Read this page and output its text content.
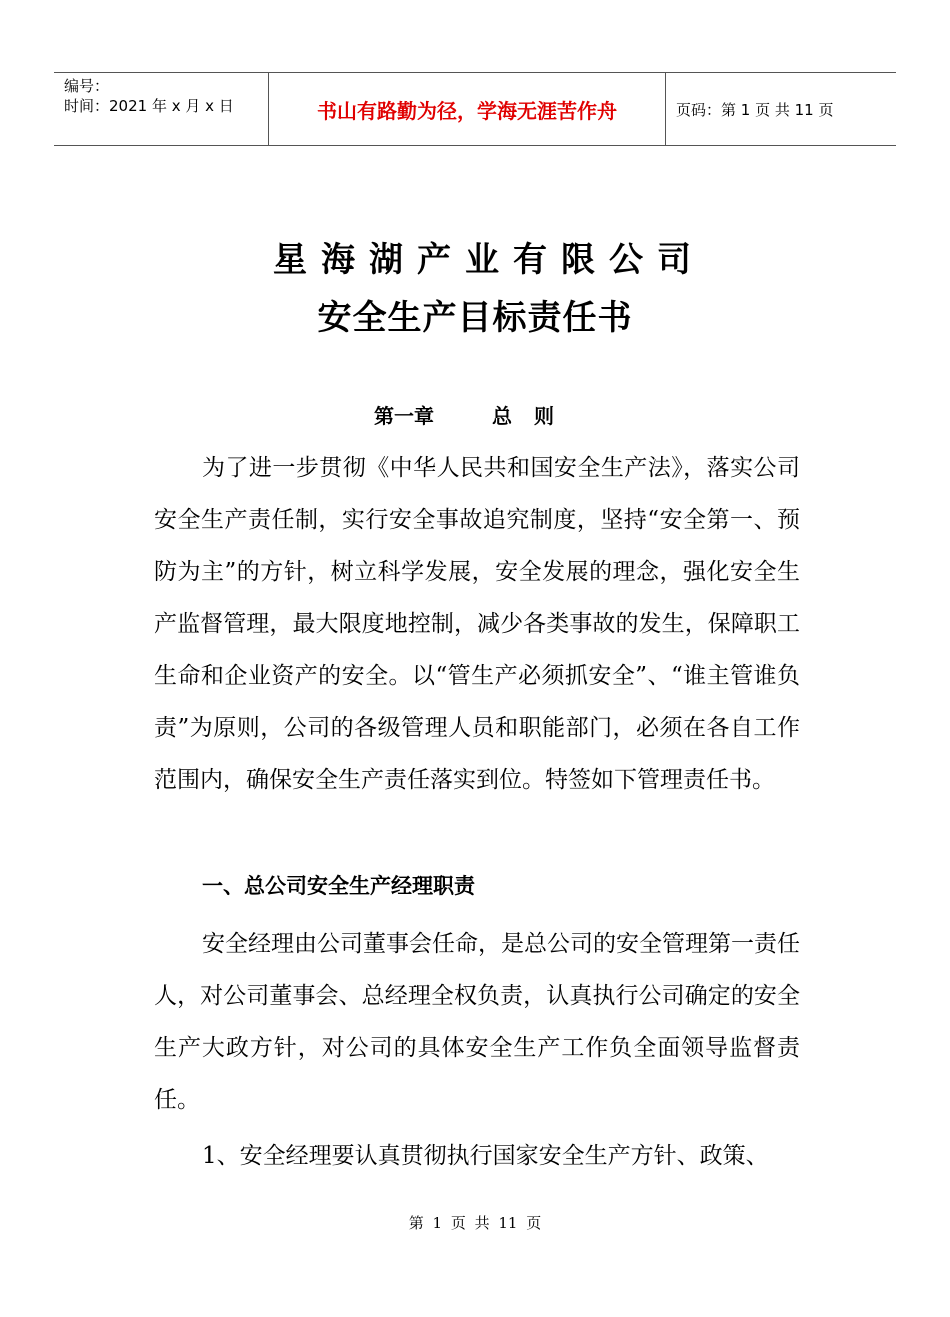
编号：
时间：2021 年 x 月 x 日	书山有路勤为径，学海无涯苦作舟	页码：第 1 页 共 11 页
星海湖产业有限公司
安全生产目标责任书
第一章	总则
为了进一步贯彻《中华人民共和国安全生产法》，落实公司安全生产责任制，实行安全事故追究制度，坚持“安全第一、预防为主”的方针，树立科学发展，安全发展的理念，强化安全生产监督管理，最大限度地控制，减少各类事故的发生，保障职工生命和企业资产的安全。以“管生产必须抓安全”、“谁主管谁负责”为原则，公司的各级管理人员和职能部门，必须在各自工作范围内，确保安全生产责任落实到位。特签如下管理责任书。
一、总公司安全生产经理职责
安全经理由公司董事会任命，是总公司的安全管理第一责任人，对公司董事会、总经理全权负责，认真执行公司确定的安全生产大政方针，对公司的具体安全生产工作负全面领导监督责任。
1、安全经理要认真贯彻执行国家安全生产方针、政策、
第 1 页 共 11 页
